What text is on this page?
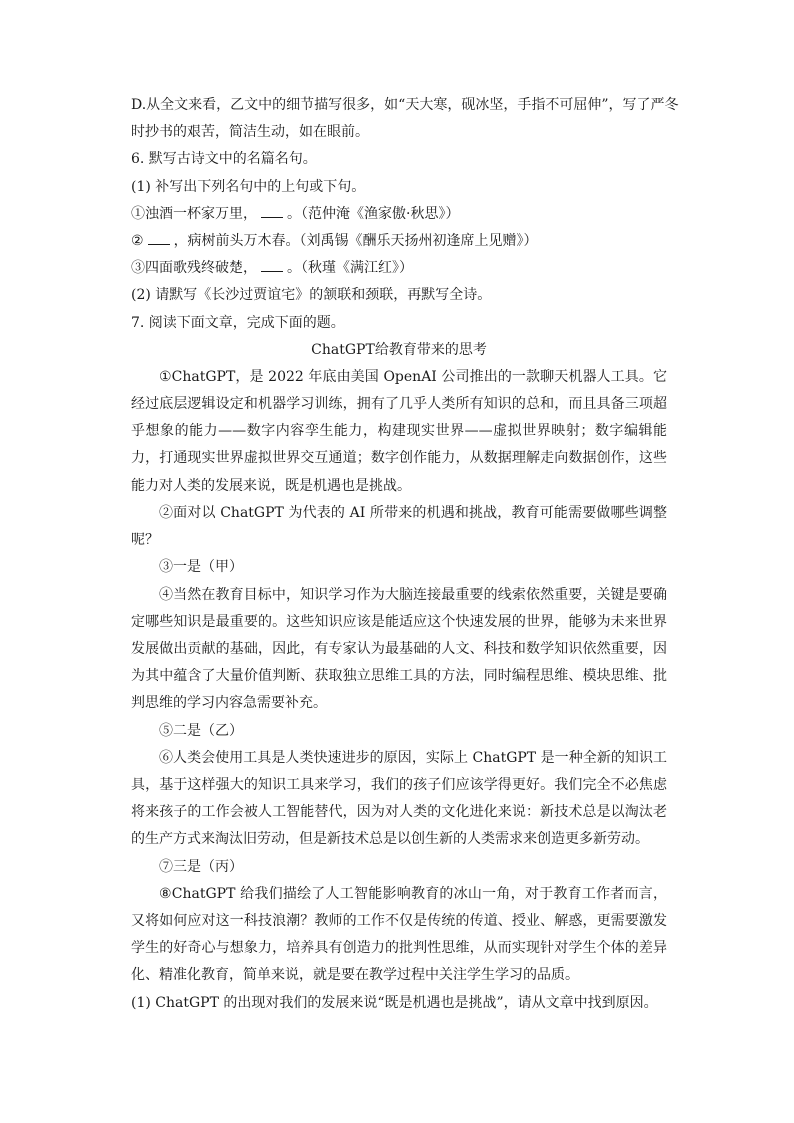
D.从全文来看，乙文中的细节描写很多，如“天大寒，砚冰坚，手指不可屈伸”，写了严冬
时抄书的艰苦，简洁生动，如在眼前。
6. 默写古诗文中的名篇名句。
(1) 补写出下列名句中的上句或下句。
①浊酒一杯家万里， 。（范仲淹《渔家傲·秋思》）
② ，病树前头万木春。（刘禹锡《酬乐天扬州初逢席上见赠》）
③四面歌残终破楚， 。（秋瑾《满江红》）
(2) 请默写《长沙过贾谊宅》的颔联和颈联，再默写全诗。
7. 阅读下面文章，完成下面的题。
ChatGPT给教育带来的思考

①ChatGPT，是 2022 年底由美国 OpenAI 公司推出的一款聊天机器人工具。它经过底层逻辑设定和机器学习训练，拥有了几乎人类所有知识的总和，而且具备三项超乎想象的能力——数字内容孪生能力，构建现实世界——虚拟世界映射；数字编辑能力，打通现实世界虚拟世界交互通道；数字创作能力，从数据理解走向数据创作，这些能力对人类的发展来说，既是机遇也是挑战。

②面对以 ChatGPT 为代表的 AI 所带来的机遇和挑战，教育可能需要做哪些调整呢？

③一是（甲）

④当然在教育目标中，知识学习作为大脑连接最重要的线索依然重要，关键是要确定哪些知识是最重要的。这些知识应该是能适应这个快速发展的世界，能够为未来世界发展做出贡献的基础，因此，有专家认为最基础的人文、科技和数学知识依然重要，因为其中蕴含了大量价值判断、获取独立思维工具的方法，同时编程思维、模块思维、批判思维的学习内容急需要补充。

⑤二是（乙）

⑥人类会使用工具是人类快速进步的原因，实际上 ChatGPT 是一种全新的知识工具，基于这样强大的知识工具来学习，我们的孩子们应该学得更好。我们完全不必焦虑将来孩子的工作会被人工智能替代，因为对人类的文化进化来说：新技术总是以淘汰老的生产方式来淘汰旧劳动，但是新技术总是以创生新的人类需求来创造更多新劳动。

⑦三是（丙）

⑧ChatGPT 给我们描绘了人工智能影响教育的冰山一角，对于教育工作者而言，又将如何应对这一科技浪潮？教师的工作不仅是传统的传道、授业、解惑，更需要激发学生的好奇心与想象力，培养具有创造力的批判性思维，从而实现针对学生个体的差异化、精准化教育，简单来说，就是要在教学过程中关注学生学习的品质。

(1) ChatGPT 的出现对我们的发展来说“既是机遇也是挑战”，请从文章中找到原因。
